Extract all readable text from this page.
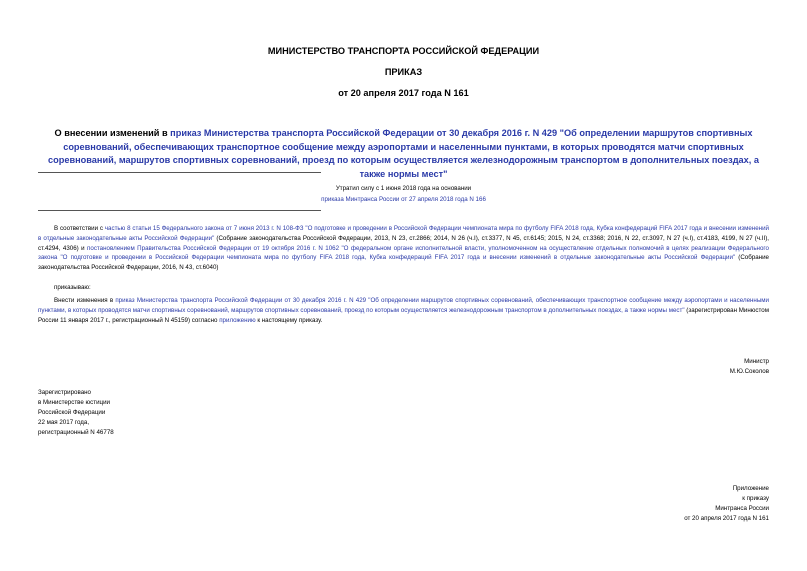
МИНИСТЕРСТВО ТРАНСПОРТА РОССИЙСКОЙ ФЕДЕРАЦИИ
ПРИКАЗ
от 20 апреля 2017 года N 161
О внесении изменений в приказ Министерства транспорта Российской Федерации от 30 декабря 2016 г. N 429 "Об определении маршрутов спортивных соревнований, обеспечивающих транспортное сообщение между аэропортами и населенными пунктами, в которых проводятся матчи спортивных соревнований, маршрутов спортивных соревнований, проезд по которым осуществляется железнодорожным транспортом в дополнительных поездах, а также нормы мест"
Утратил силу с 1 июня 2018 года на основании
приказа Минтранса России от 27 апреля 2018 года N 166
В соответствии с частью 8 статьи 15 Федерального закона от 7 июня 2013 г. N 108-ФЗ "О подготовке и проведении в Российской Федерации чемпионата мира по футболу FIFA 2018 года, Кубка конфедераций FIFA 2017 года и внесении изменений в отдельные законодательные акты Российской Федерации" (Собрание законодательства Российской Федерации, 2013, N 23, ст.2866; 2014, N 26 (ч.I), ст.3377, N 45, ст.6145; 2015, N 24, ст.3368; 2016, N 22, ст.3097, N 27 (ч.I), ст.4183, 4199, N 27 (ч.II), ст.4294, 4306) и постановлением Правительства Российской Федерации от 19 октября 2016 г. N 1062 "О федеральном органе исполнительной власти, уполномоченном на осуществление отдельных полномочий в целях реализации Федерального закона "О подготовке и проведении в Российской Федерации чемпионата мира по футболу FIFA 2018 года, Кубка конфедераций FIFA 2017 года и внесении изменений в отдельные законодательные акты Российской Федерации" (Собрание законодательства Российской Федерации, 2016, N 43, ст.6040)
приказываю:
Внести изменения в приказ Министерства транспорта Российской Федерации от 30 декабря 2016 г. N 429 "Об определении маршрутов спортивных соревнований, обеспечивающих транспортное сообщение между аэропортами и населенными пунктами, в которых проводятся матчи спортивных соревнований, маршрутов спортивных соревнований, проезд по которым осуществляется железнодорожным транспортом в дополнительных поездах, а также нормы мест" (зарегистрирован Минюстом России 11 января 2017 г., регистрационный N 45159) согласно приложению к настоящему приказу.
Министр
М.Ю.Соколов
Зарегистрировано
в Министерстве юстиции
Российской Федерации
22 мая 2017 года,
регистрационный N 46778
Приложение
к приказу
Минтранса России
от 20 апреля 2017 года N 161
